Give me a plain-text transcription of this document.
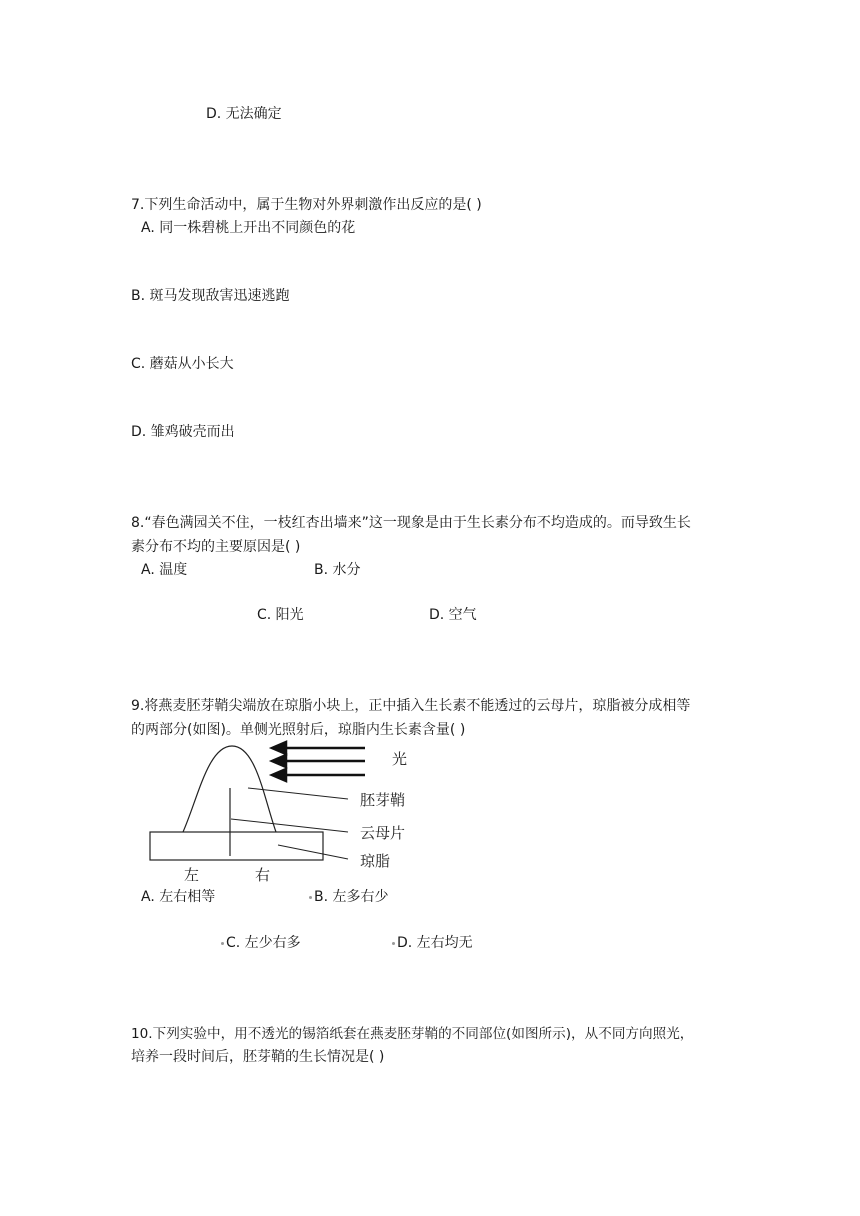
D. 无法确定
7.下列生命活动中，属于生物对外界刺激作出反应的是( )
A. 同一株碧桃上开出不同颜色的花
B. 斑马发现敌害迅速逃跑
C. 蘑菇从小长大
D. 雏鸡破壳而出
8.“春色满园关不住，一枝红杏出墙来”这一现象是由于生长素分布不均造成的。而导致生长
素分布不均的主要原因是( )
A. 温度	B. 水分
C. 阳光	D. 空气
9.将燕麦胚芽鞘尖端放在琼脂小块上，正中插入生长素不能透过的云母片，琼脂被分成相等
的两部分(如图)。单侧光照射后，琼脂内生长素含量( )
光
胚芽鞘
云母片
琼脂
左	右
A. 左右相等	B. 左多右少
C. 左少右多	D. 左右均无
10.下列实验中，用不透光的锡箔纸套在燕麦胚芽鞘的不同部位(如图所示)，从不同方向照光，
培养一段时间后，胚芽鞘的生长情况是( )
